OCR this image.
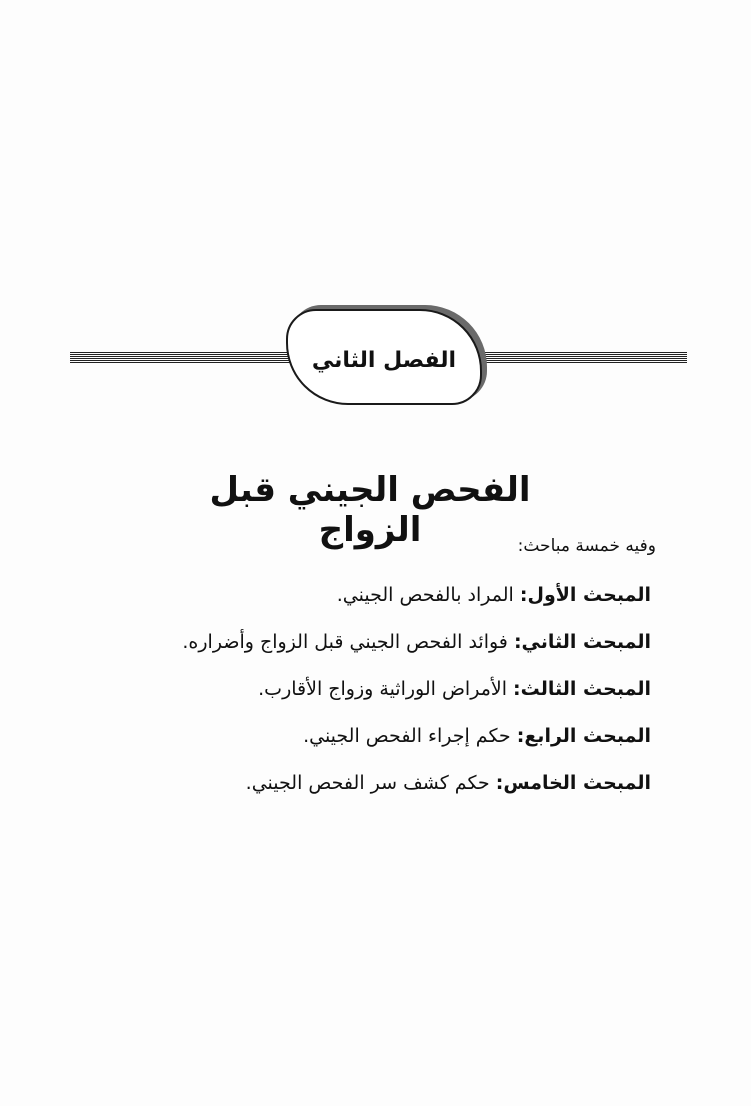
الفصل الثاني
الفحص الجيني قبل الزواج	وفيه خمسة مباحث:
المبحث الأول: المراد بالفحص الجيني.
المبحث الثاني: فوائد الفحص الجيني قبل الزواج وأضراره.
المبحث الثالث: الأمراض الوراثية وزواج الأقارب.
المبحث الرابع: حكم إجراء الفحص الجيني.
المبحث الخامس: حكم كشف سر الفحص الجيني.
